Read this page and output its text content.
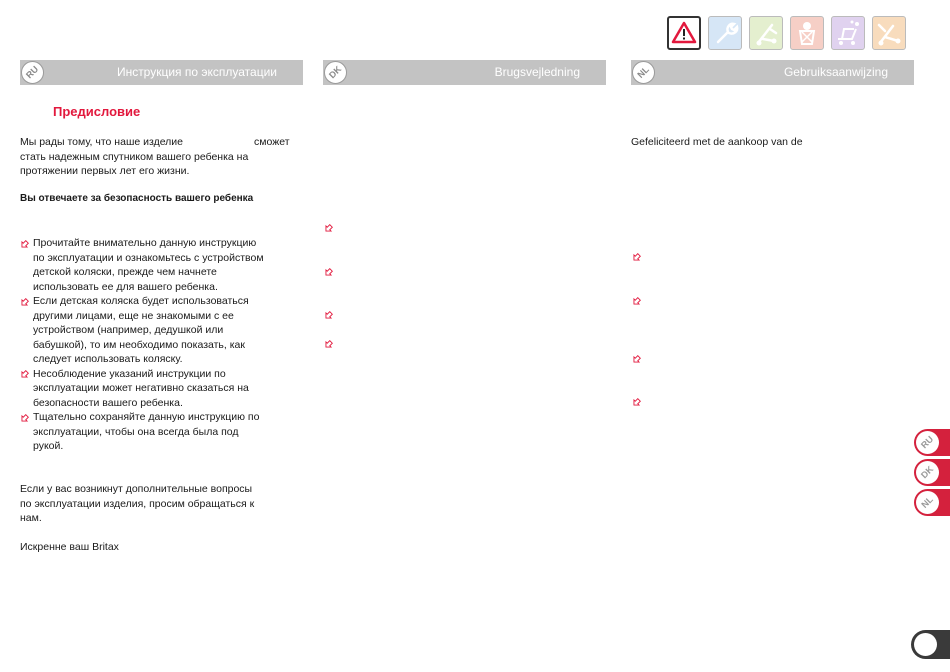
RU	Инструкция по эксплуатации	DK	Brugsvejledning	NL	Gebruiksaanwijzing
Предисловие
Мы рады тому, что наше изделие	сможет
стать надежным спутником вашего ребенка на
протяжении первых лет его жизни.
Вы отвечаете за безопасность вашего ребенка
Прочитайте внимательно данную инструкцию
по эксплуатации и ознакомьтесь с устройством
детской коляски, прежде чем начнете
использовать ее для вашего ребенка.
Если детская коляска будет использоваться
другими лицами, еще не знакомыми с ее
устройством (например, дедушкой или
бабушкой), то им необходимо показать, как
следует использовать коляску.
Несоблюдение указаний инструкции по
эксплуатации может негативно сказаться на
безопасности вашего ребенка.
Тщательно сохраняйте данную инструкцию по
эксплуатации, чтобы она всегда была под
рукой.
Если у вас возникнут дополнительные вопросы
по эксплуатации изделия, просим обращаться к
нам.
Искренне ваш Britax
Gefeliciteerd met de aankoop van de
RU
DK
NL
